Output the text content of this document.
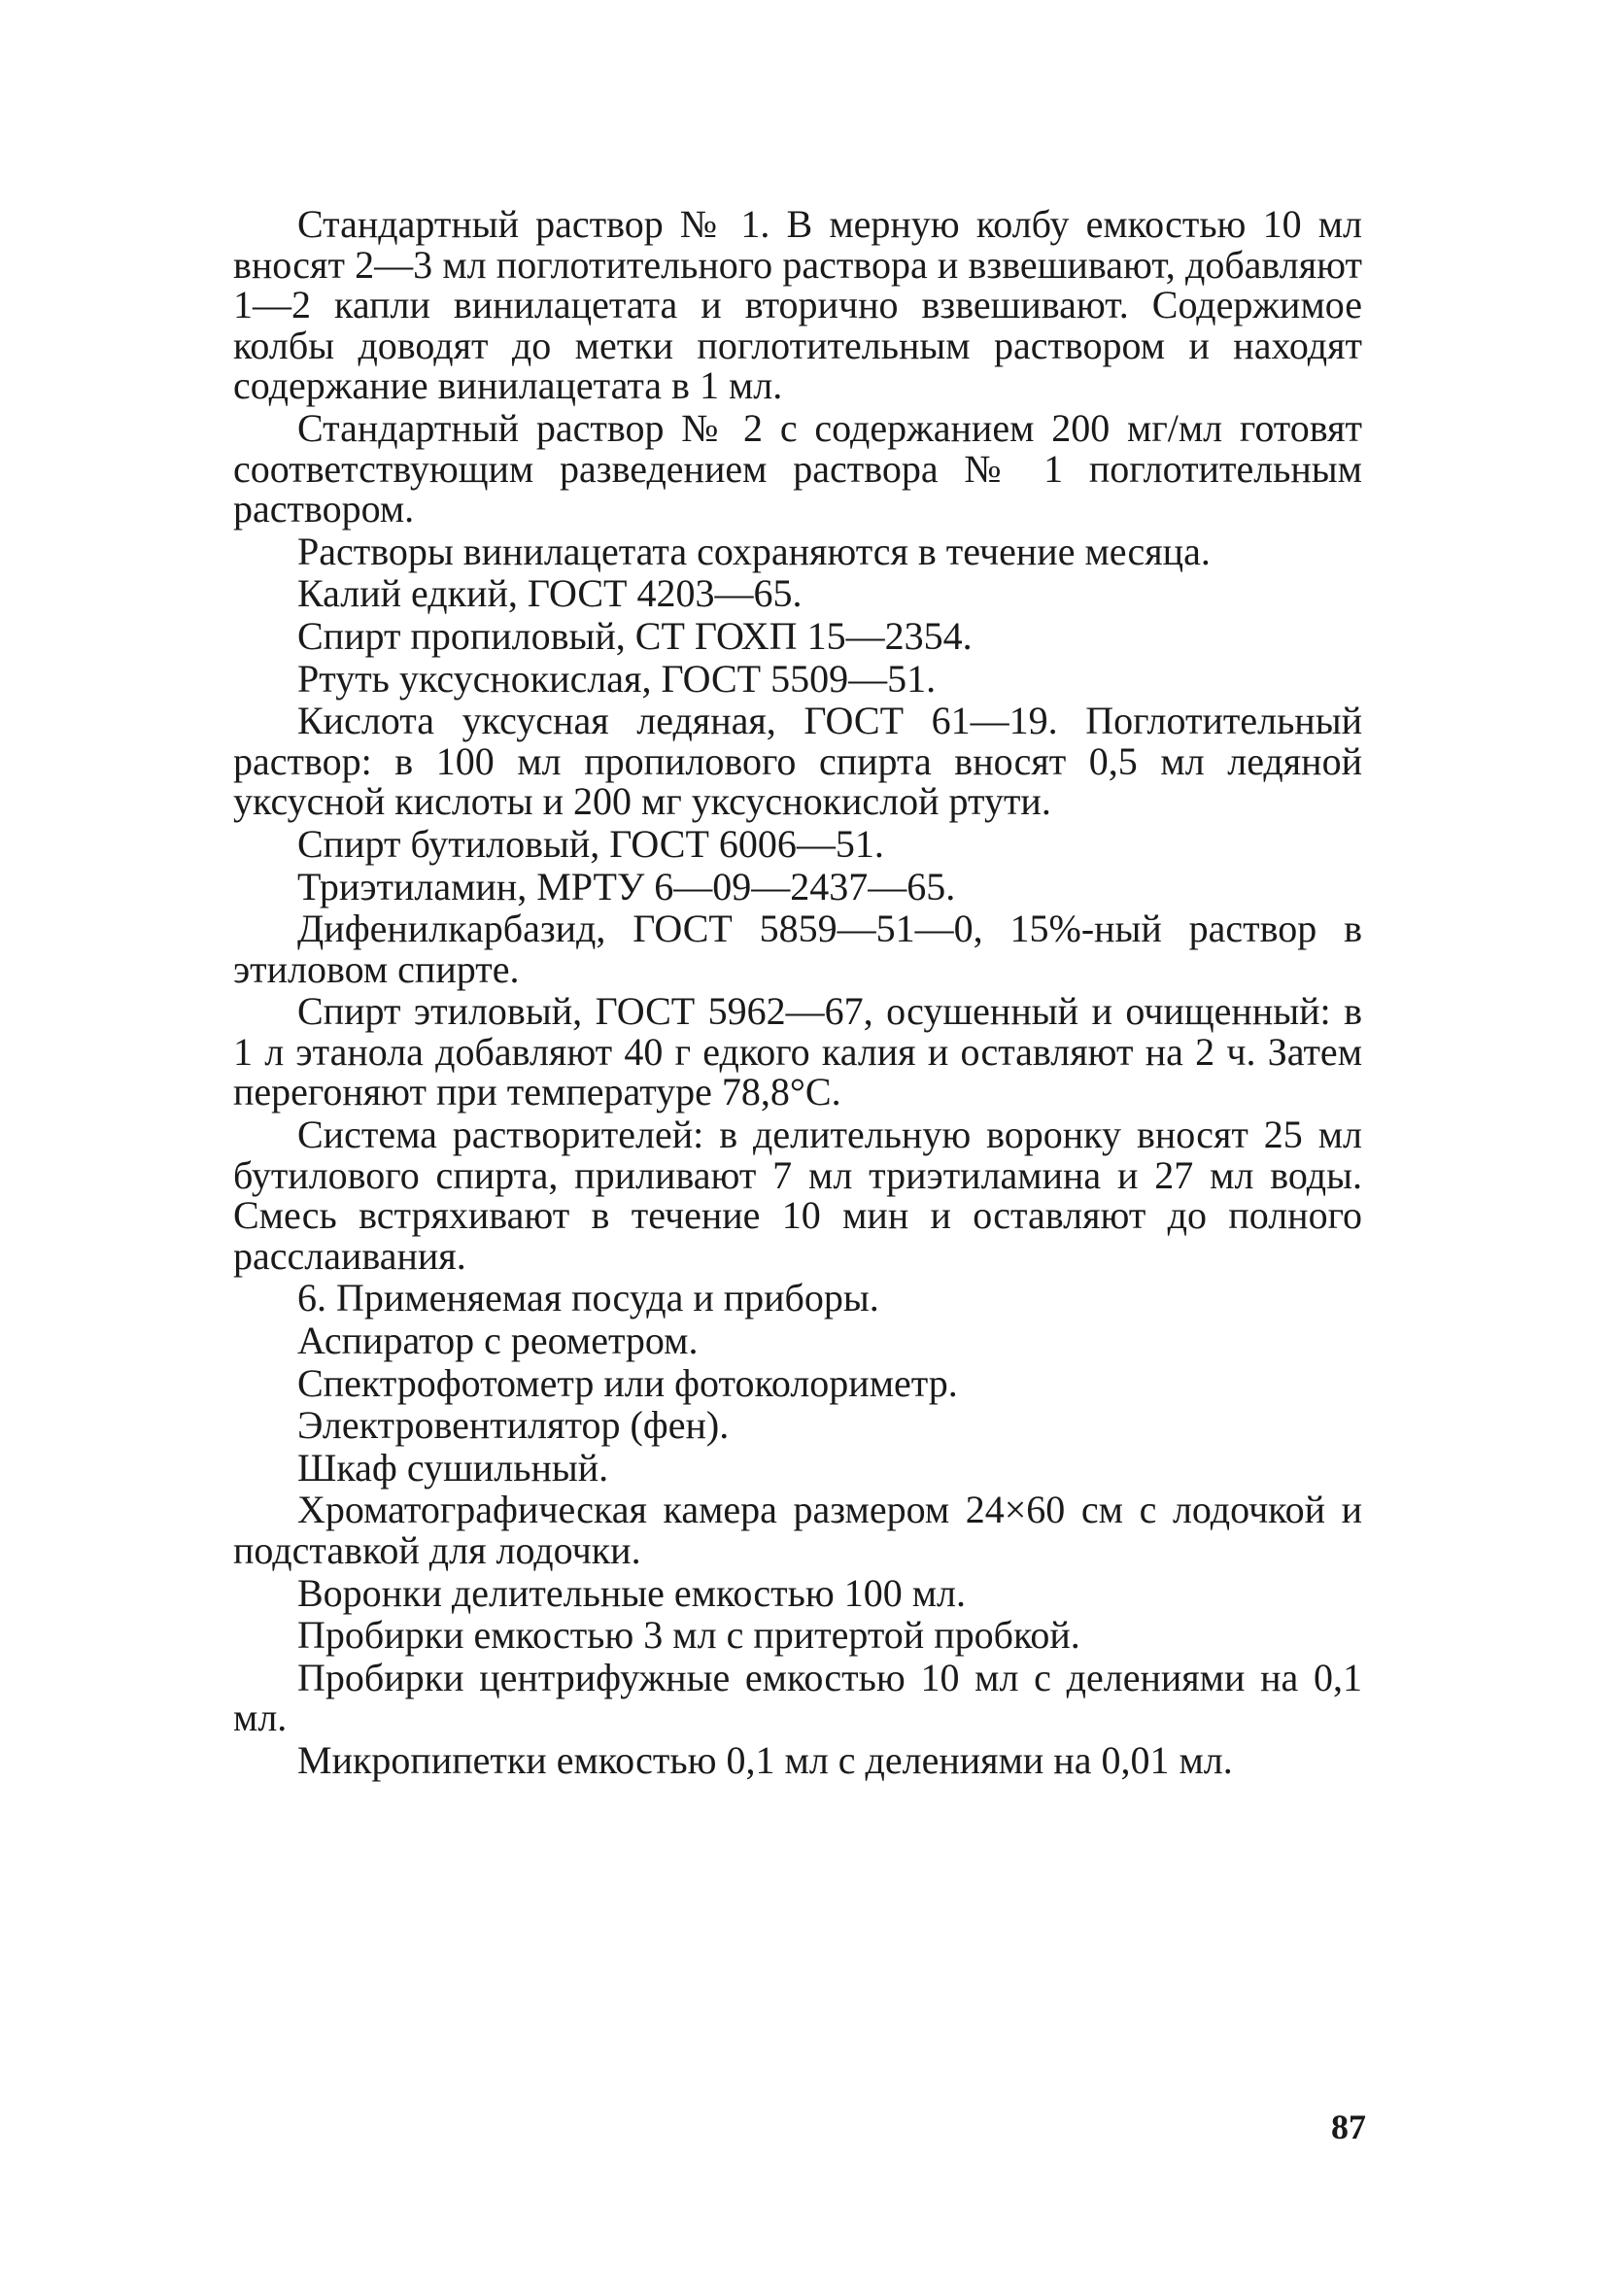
Стандартный раствор № 1. В мерную колбу емкостью 10 мл вносят 2—3 мл поглотительного раствора и взвешивают, добавляют 1—2 капли винилацетата и вторично взвешивают. Содержимое колбы доводят до метки поглотительным раствором и находят содержание винилацетата в 1 мл.

Стандартный раствор № 2 с содержанием 200 мг/мл готовят соответствующим разведением раствора № 1 поглотительным раствором.

Растворы винилацетата сохраняются в течение месяца.

Калий едкий, ГОСТ 4203—65.

Спирт пропиловый, СТ ГОХП 15—2354.

Ртуть уксуснокислая, ГОСТ 5509—51.

Кислота уксусная ледяная, ГОСТ 61—19. Поглотительный раствор: в 100 мл пропилового спирта вносят 0,5 мл ледяной уксусной кислоты и 200 мг уксуснокислой ртути.

Спирт бутиловый, ГОСТ 6006—51.

Триэтиламин, МРТУ 6—09—2437—65.

Дифенилкарбазид, ГОСТ 5859—51—0, 15%-ный раствор в этиловом спирте.

Спирт этиловый, ГОСТ 5962—67, осушенный и очищенный: в 1 л этанола добавляют 40 г едкого калия и оставляют на 2 ч. Затем перегоняют при температуре 78,8°С.

Система растворителей: в делительную воронку вносят 25 мл бутилового спирта, приливают 7 мл триэтиламина и 27 мл воды. Смесь встряхивают в течение 10 мин и оставляют до полного расслаивания.

6. Применяемая посуда и приборы.

Аспиратор с реометром.

Спектрофотометр или фотоколориметр.

Электровентилятор (фен).

Шкаф сушильный.

Хроматографическая камера размером 24×60 см с лодочкой и подставкой для лодочки.

Воронки делительные емкостью 100 мл.

Пробирки емкостью 3 мл с притертой пробкой.

Пробирки центрифужные емкостью 10 мл с делениями на 0,1 мл.

Микропипетки емкостью 0,1 мл с делениями на 0,01 мл.

87
